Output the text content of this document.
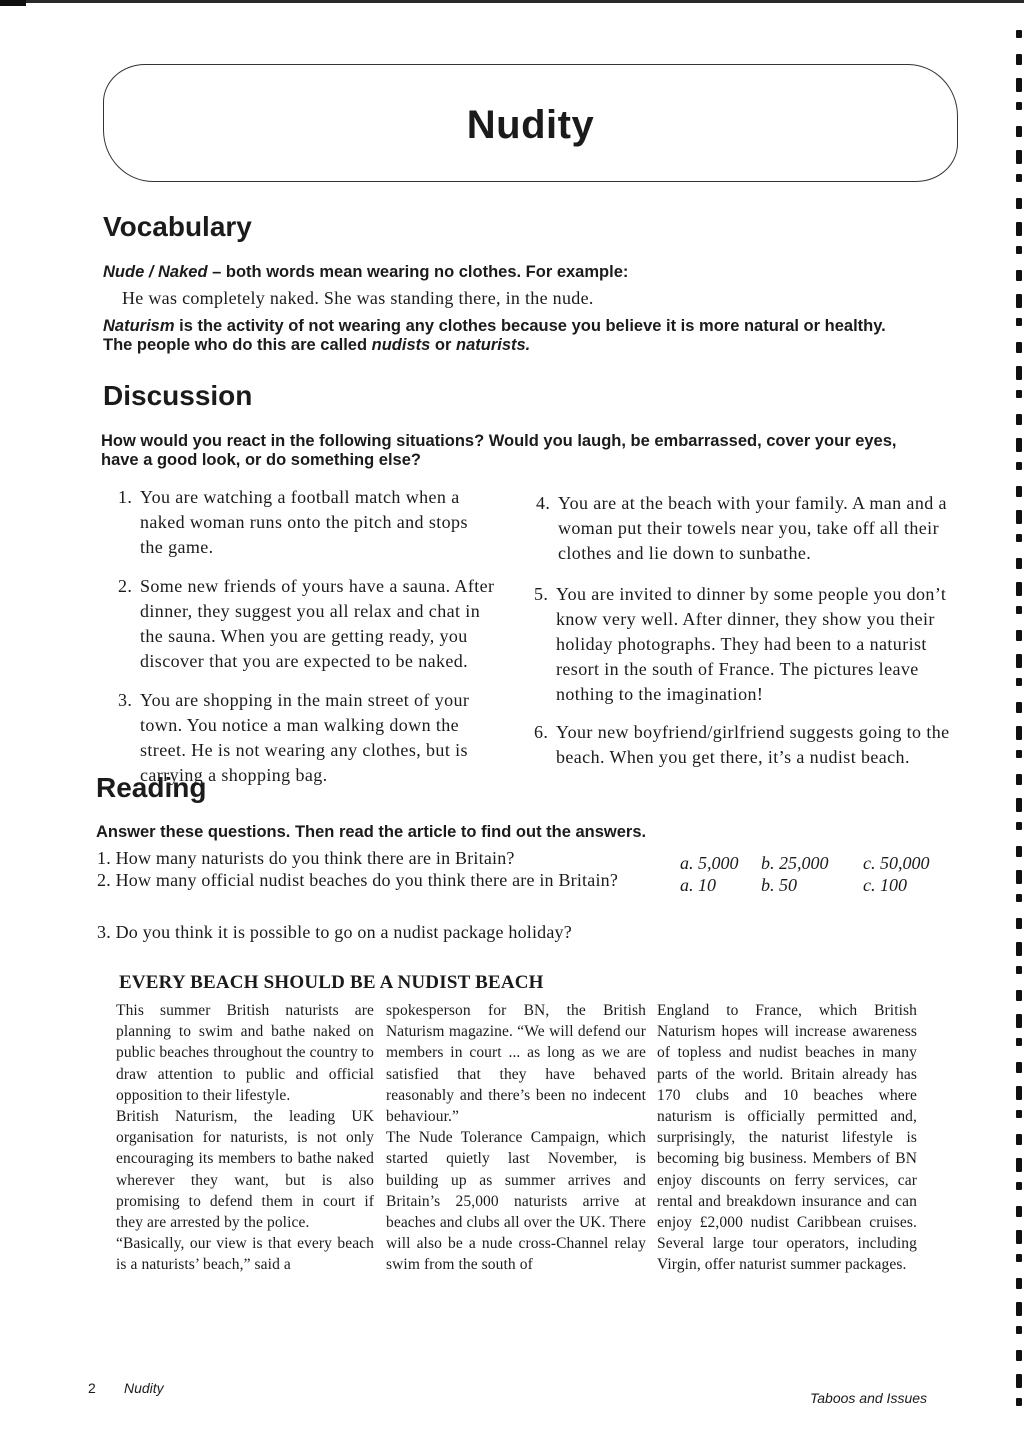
Nudity
Vocabulary

Nude / Naked – both words mean wearing no clothes. For example:

He was completely naked. She was standing there, in the nude.

Naturism is the activity of not wearing any clothes because you believe it is more natural or healthy.

The people who do this are called nudists or naturists.

Discussion

How would you react in the following situations? Would you laugh, be embarrassed, cover your eyes,

have a good look, or do something else?

1. You are watching a football match when a naked woman runs onto the pitch and stops the game.
2. Some new friends of yours have a sauna. After dinner, they suggest you all relax and chat in the sauna. When you are getting ready, you discover that you are expected to be naked.
3. You are shopping in the main street of your town. You notice a man walking down the street. He is not wearing any clothes, but is carrying a shopping bag.
4. You are at the beach with your family. A man and a woman put their towels near you, take off all their clothes and lie down to sunbathe.
5. You are invited to dinner by some people you don’t know very well. After dinner, they show you their holiday photographs. They had been to a naturist resort in the south of France. The pictures leave nothing to the imagination!
6. Your new boyfriend/girlfriend suggests going to the beach. When you get there, it’s a nudist beach.
Reading

Answer these questions. Then read the article to find out the answers.

1. How many naturists do you think there are in Britain?	a. 5,000 b. 25,000 c. 50,000

2. How many official nudist beaches do you think there are in Britain?	a. 10	b. 50	c. 100

3. Do you think it is possible to go on a nudist package holiday?

EVERY BEACH SHOULD BE A NUDIST BEACH

This summer British naturists are planning to swim and bathe naked on public beaches throughout the country to draw attention to public and official opposition to their lifestyle.

British Naturism, the leading UK organisation for naturists, is not only encouraging its members to bathe naked wherever they want, but is also promising to defend them in court if they are arrested by the police.

“Basically, our view is that every beach is a naturists’ beach,” said a

spokesperson for BN, the British Naturism magazine. “We will defend our members in court ... as long as we are satisfied that they have behaved reasonably and there’s been no indecent behaviour.”

The Nude Tolerance Campaign, which started quietly last November, is building up as summer arrives and Britain’s 25,000 naturists arrive at beaches and clubs all over the UK. There will also be a nude cross-Channel relay swim from the south of

England to France, which British Naturism hopes will increase awareness of topless and nudist beaches in many parts of the world. Britain already has 170 clubs and 10 beaches where naturism is officially permitted and, surprisingly, the naturist lifestyle is becoming big business. Members of BN enjoy discounts on ferry services, car rental and breakdown insurance and can enjoy £2,000 nudist Caribbean cruises. Several large tour operators, including Virgin, offer naturist summer packages.

2 Nudity

Taboos and Issues
